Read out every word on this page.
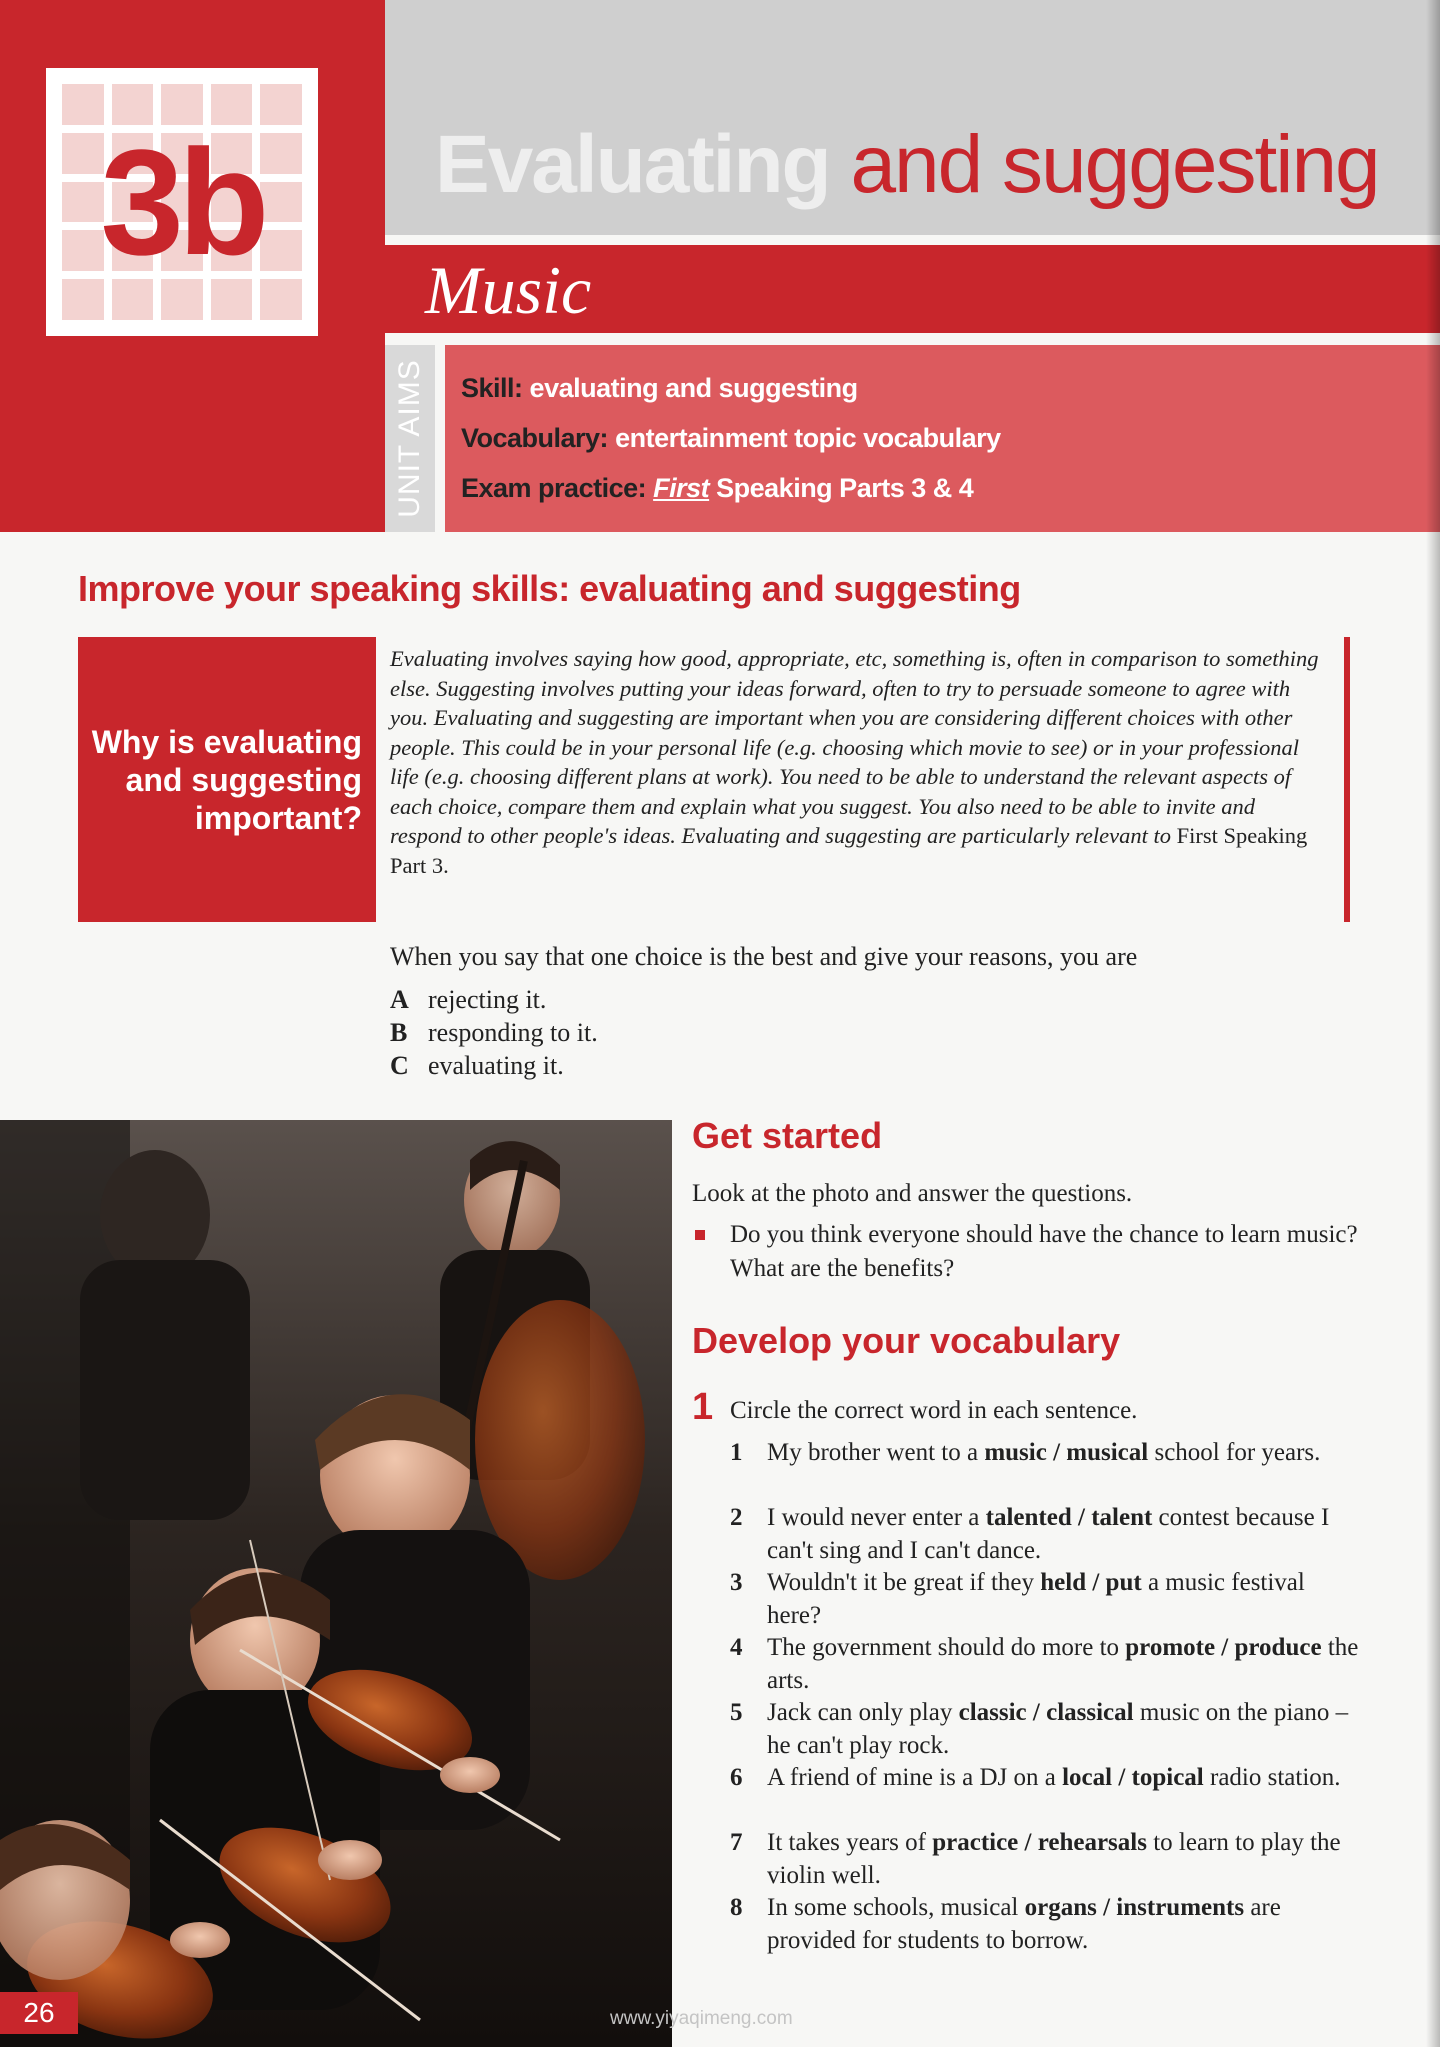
3b	Evaluating and suggesting
Music
UNIT AIMS	Skill: evaluating and suggesting
Vocabulary: entertainment topic vocabulary
Exam practice: First Speaking Parts 3 & 4
Improve your speaking skills: evaluating and suggesting
Why is evaluating and suggesting important?
Evaluating involves saying how good, appropriate, etc, something is, often in comparison to something else. Suggesting involves putting your ideas forward, often to try to persuade someone to agree with you. Evaluating and suggesting are important when you are considering different choices with other people. This could be in your personal life (e.g. choosing which movie to see) or in your professional life (e.g. choosing different plans at work). You need to be able to understand the relevant aspects of each choice, compare them and explain what you suggest. You also need to be able to invite and respond to other people's ideas. Evaluating and suggesting are particularly relevant to First Speaking Part 3.
When you say that one choice is the best and give your reasons, you are
A rejecting it.
B responding to it.
C evaluating it.
Get started
Look at the photo and answer the questions.
Do you think everyone should have the chance to learn music? What are the benefits?
Develop your vocabulary
1 Circle the correct word in each sentence.
1 My brother went to a music / musical school for years.
2 I would never enter a talented / talent contest because I can't sing and I can't dance.
3 Wouldn't it be great if they held / put a music festival here?
4 The government should do more to promote / produce the arts.
5 Jack can only play classic / classical music on the piano – he can't play rock.
6 A friend of mine is a DJ on a local / topical radio station.
7 It takes years of practice / rehearsals to learn to play the violin well.
8 In some schools, musical organs / instruments are provided for students to borrow.
26	www.yiyaqimeng.com
